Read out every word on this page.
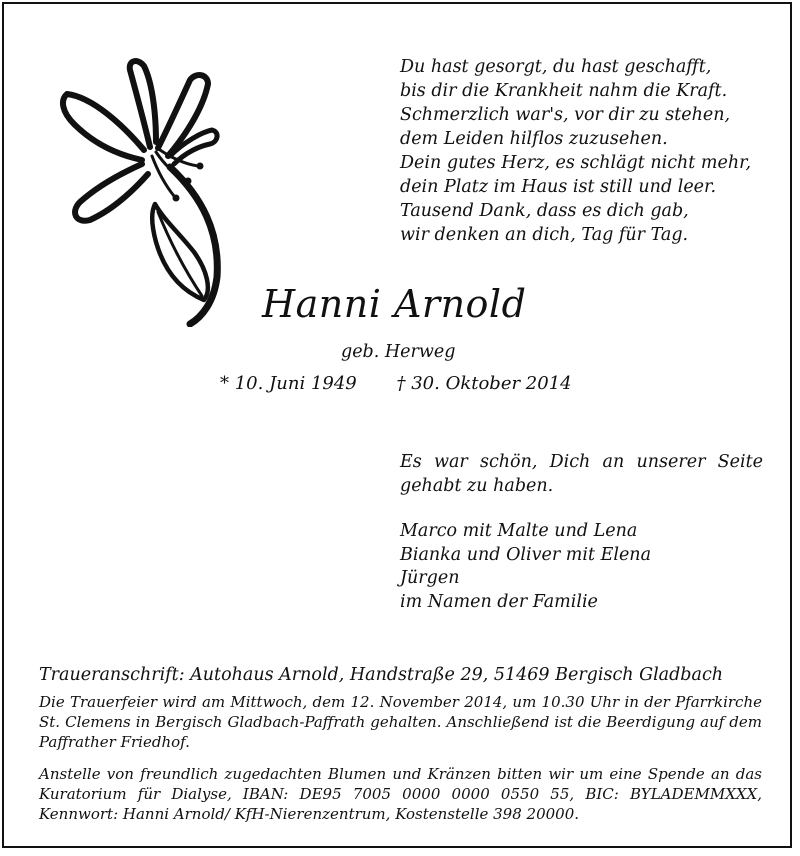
Du hast gesorgt, du hast geschafft,
bis dir die Krankheit nahm die Kraft.
Schmerzlich war's, vor dir zu stehen,
dem Leiden hilflos zuzusehen.
Dein gutes Herz, es schlägt nicht mehr,
dein Platz im Haus ist still und leer.
Tausend Dank, dass es dich gab,
wir denken an dich, Tag für Tag.
Hanni Arnold
geb. Herweg
* 10. Juni 1949 † 30. Oktober 2014
Es war schön, Dich an unserer Seite gehabt zu haben.
Marco mit Malte und Lena
Bianka und Oliver mit Elena
Jürgen
im Namen der Familie
Traueranschrift: Autohaus Arnold, Handstraße 29, 51469 Bergisch Gladbach
Die Trauerfeier wird am Mittwoch, dem 12. November 2014, um 10.30 Uhr in der Pfarrkirche St. Clemens in Bergisch Gladbach-Paffrath gehalten. Anschließend ist die Beerdigung auf dem Paffrather Friedhof.
Anstelle von freundlich zugedachten Blumen und Kränzen bitten wir um eine Spende an das Kuratorium für Dialyse, IBAN: DE95 7005 0000 0000 0550 55, BIC: BYLADEMMXXX, Kennwort: Hanni Arnold/ KfH-Nierenzentrum, Kostenstelle 398 20000.
